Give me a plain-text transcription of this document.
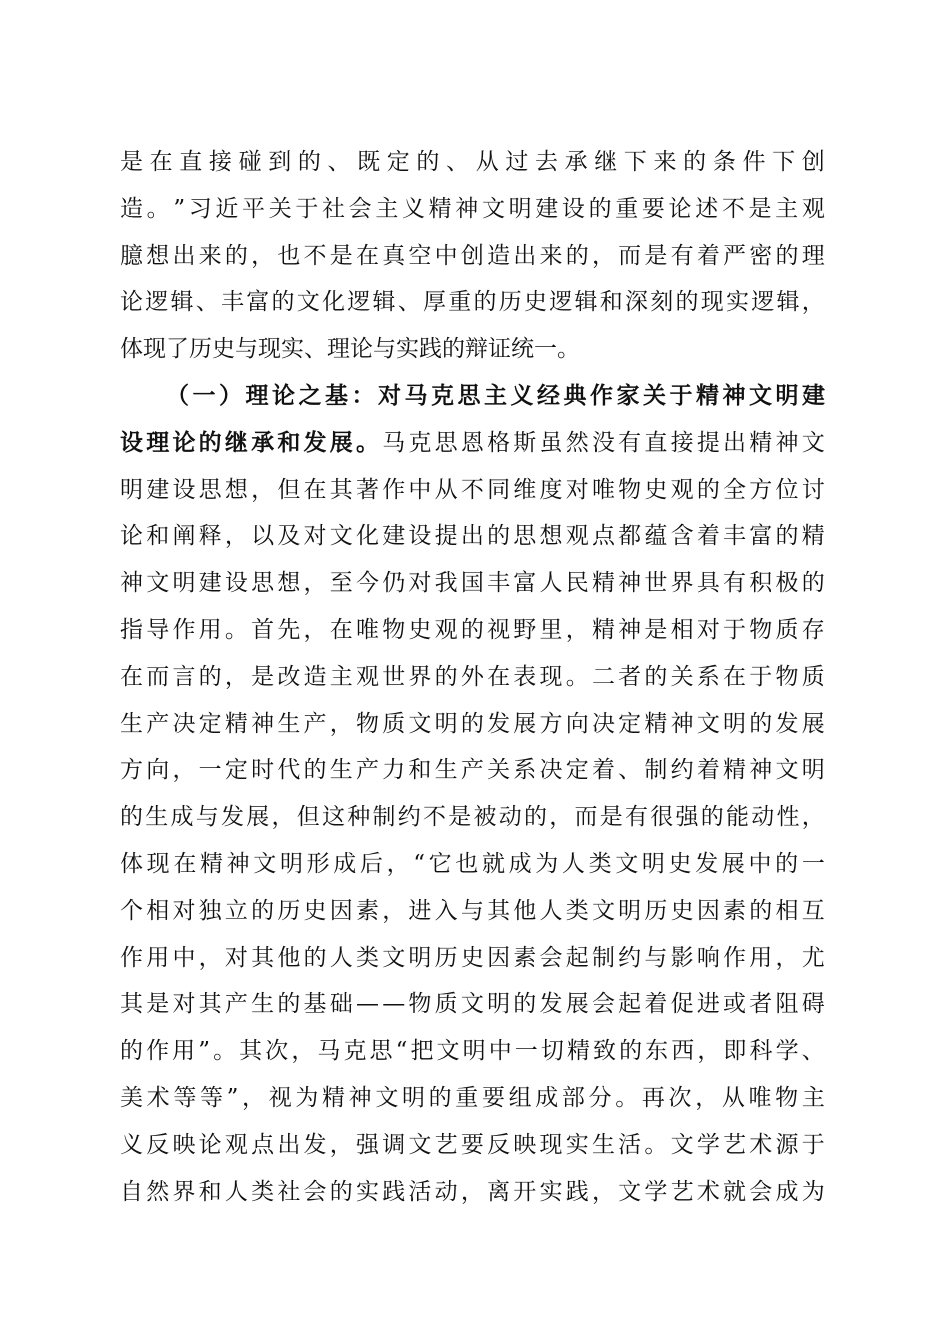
是 在 直 接 碰 到 的 、 既 定 的 、 从 过 去 承 继 下 来 的 条 件 下 创
造 。 ” 习 近 平 关 于 社 会 主 义 精 神 文 明 建 设 的 重 要 论 述 不 是 主 观
臆 想 出 来 的 ， 也 不 是 在 真 空 中 创 造 出 来 的 ， 而 是 有 着 严 密 的 理
论 逻 辑 、 丰 富 的 文 化 逻 辑 、 厚 重 的 历 史 逻 辑 和 深 刻 的 现 实 逻 辑 ，
体现了历史与现实、理论与实践的辩证统一。
（ 一 ） 理 论 之 基 ： 对 马 克 思 主 义 经 典 作 家 关 于 精 神 文 明 建
设 理 论 的 继 承 和 发 展 。 马 克 思 恩 格 斯 虽 然 没 有 直 接 提 出 精 神 文
明 建 设 思 想 ， 但 在 其 著 作 中 从 不 同 维 度 对 唯 物 史 观 的 全 方 位 讨
论 和 阐 释 ， 以 及 对 文 化 建 设 提 出 的 思 想 观 点 都 蕴 含 着 丰 富 的 精
神 文 明 建 设 思 想 ， 至 今 仍 对 我 国 丰 富 人 民 精 神 世 界 具 有 积 极 的
指 导 作 用 。 首 先 ， 在 唯 物 史 观 的 视 野 里 ， 精 神 是 相 对 于 物 质 存
在 而 言 的 ， 是 改 造 主 观 世 界 的 外 在 表 现 。 二 者 的 关 系 在 于 物 质
生 产 决 定 精 神 生 产 ， 物 质 文 明 的 发 展 方 向 决 定 精 神 文 明 的 发 展
方 向 ， 一 定 时 代 的 生 产 力 和 生 产 关 系 决 定 着 、 制 约 着 精 神 文 明
的 生 成 与 发 展 ， 但 这 种 制 约 不 是 被 动 的 ， 而 是 有 很 强 的 能 动 性 ，
体 现 在 精 神 文 明 形 成 后 ， “ 它 也 就 成 为 人 类 文 明 史 发 展 中 的 一
个 相 对 独 立 的 历 史 因 素 ， 进 入 与 其 他 人 类 文 明 历 史 因 素 的 相 互
作 用 中 ， 对 其 他 的 人 类 文 明 历 史 因 素 会 起 制 约 与 影 响 作 用 ， 尤
其 是 对 其 产 生 的 基 础 — — 物 质 文 明 的 发 展 会 起 着 促 进 或 者 阻 碍
的 作 用 ” 。 其 次 ， 马 克 思 “ 把 文 明 中 一 切 精 致 的 东 西 ， 即 科 学 、
美 术 等 等 ” ， 视 为 精 神 文 明 的 重 要 组 成 部 分 。 再 次 ， 从 唯 物 主
义 反 映 论 观 点 出 发 ， 强 调 文 艺 要 反 映 现 实 生 活 。 文 学 艺 术 源 于
自 然 界 和 人 类 社 会 的 实 践 活 动 ， 离 开 实 践 ， 文 学 艺 术 就 会 成 为
